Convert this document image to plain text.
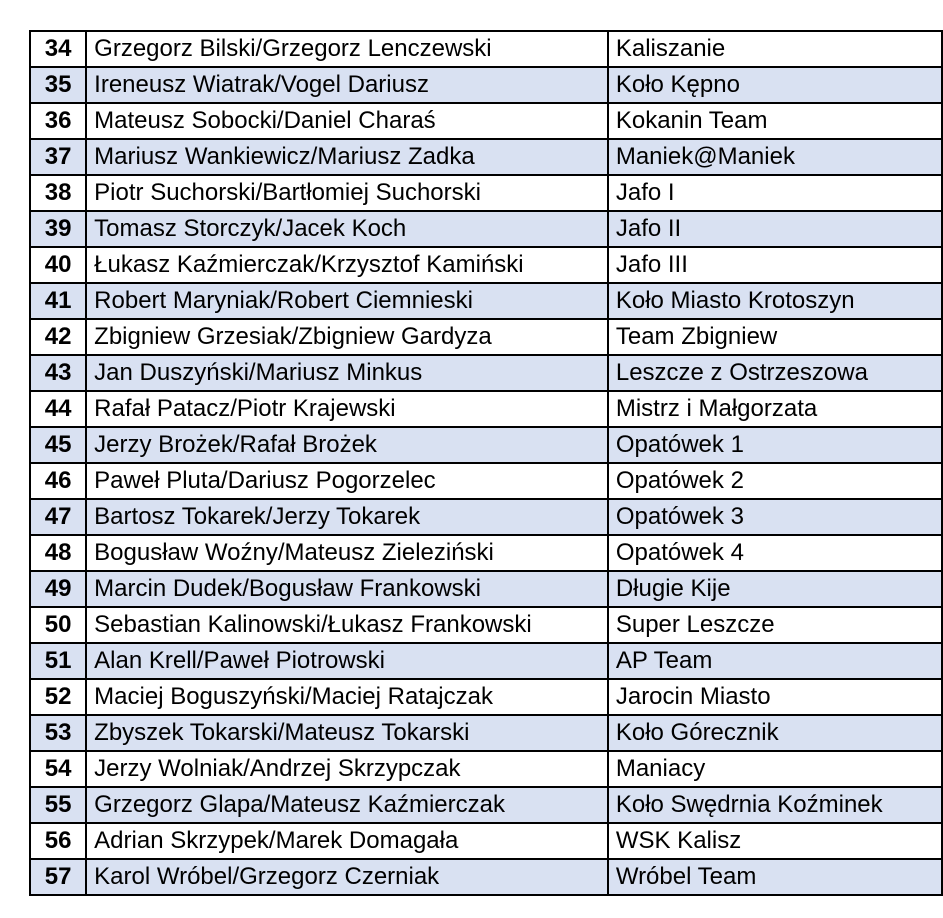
34	Grzegorz Bilski/Grzegorz Lenczewski	Kaliszanie	
35	Ireneusz Wiatrak/Vogel Dariusz	Koło Kępno	
36	Mateusz Sobocki/Daniel Charaś	Kokanin Team	
37	Mariusz Wankiewicz/Mariusz Zadka	Maniek@Maniek	
38	Piotr Suchorski/Bartłomiej Suchorski	Jafo I	
39	Tomasz Storczyk/Jacek Koch	Jafo II	
40	Łukasz Kaźmierczak/Krzysztof Kamiński	Jafo III	
41	Robert Maryniak/Robert Ciemnieski	Koło Miasto Krotoszyn	
42	Zbigniew Grzesiak/Zbigniew Gardyza	Team Zbigniew	
43	Jan Duszyński/Mariusz Minkus	Leszcze z Ostrzeszowa	
44	Rafał Patacz/Piotr Krajewski	Mistrz i Małgorzata	
45	Jerzy Brożek/Rafał Brożek	Opatówek 1	
46	Paweł Pluta/Dariusz Pogorzelec	Opatówek 2	
47	Bartosz Tokarek/Jerzy Tokarek	Opatówek 3	
48	Bogusław Woźny/Mateusz Zieleziński	Opatówek 4	
49	Marcin Dudek/Bogusław Frankowski	Długie Kije	
50	Sebastian Kalinowski/Łukasz Frankowski	Super Leszcze	
51	Alan Krell/Paweł Piotrowski	AP Team	
52	Maciej Boguszyński/Maciej Ratajczak	Jarocin Miasto	
53	Zbyszek Tokarski/Mateusz Tokarski	Koło Górecznik	
54	Jerzy Wolniak/Andrzej Skrzypczak	Maniacy	
55	Grzegorz Glapa/Mateusz Kaźmierczak	Koło Swędrnia Koźminek	
56	Adrian Skrzypek/Marek Domagała	WSK Kalisz	
57	Karol Wróbel/Grzegorz Czerniak	Wróbel Team	
